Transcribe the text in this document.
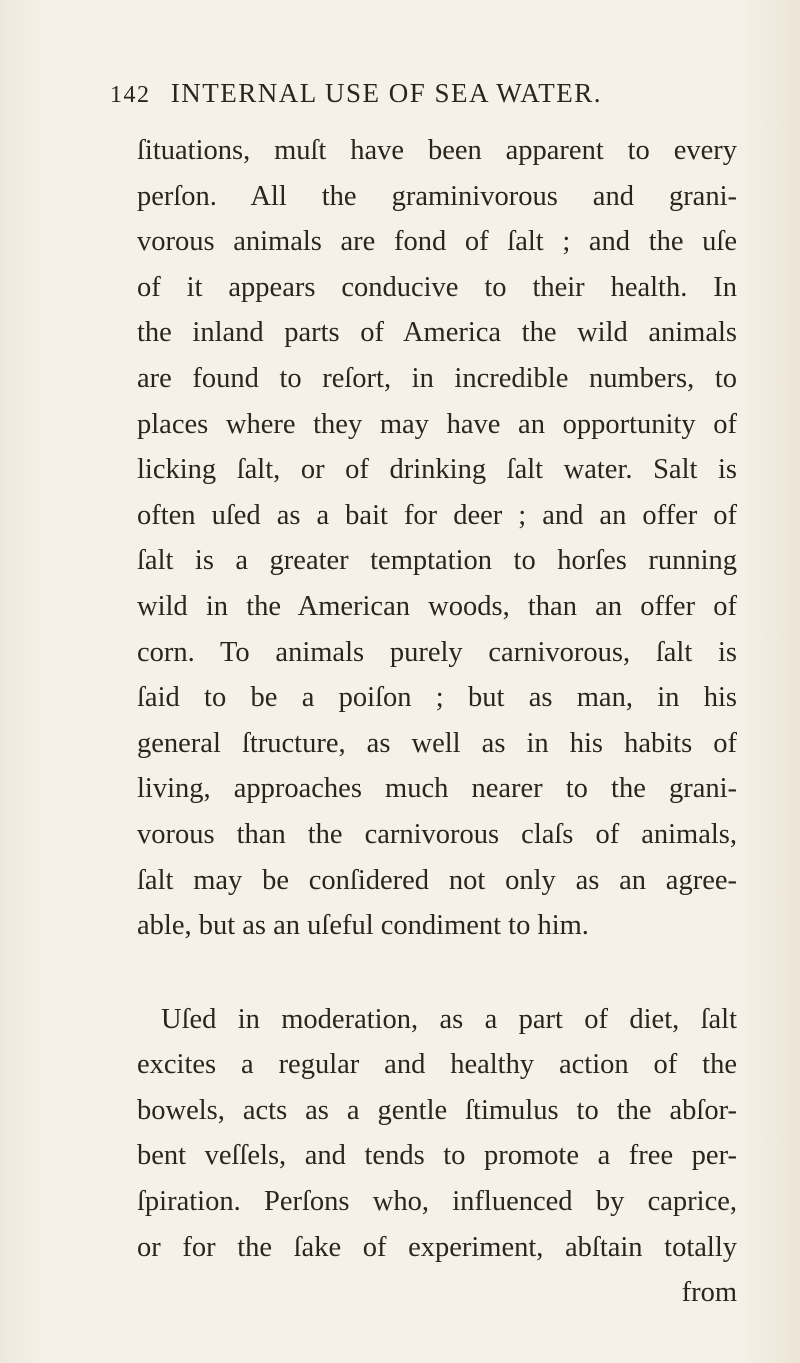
142 INTERNAL USE OF SEA WATER.
ſituations, muſt have been apparent to every
perſon. All the graminivorous and grani-
vorous animals are fond of ſalt ; and the uſe
of it appears conducive to their health. In
the inland parts of America the wild animals
are found to reſort, in incredible numbers, to
places where they may have an opportunity of
licking ſalt, or of drinking ſalt water. Salt is
often uſed as a bait for deer ; and an offer of
ſalt is a greater temptation to horſes running
wild in the American woods, than an offer of
corn. To animals purely carnivorous, ſalt is
ſaid to be a poiſon ; but as man, in his
general ſtructure, as well as in his habits of
living, approaches much nearer to the grani-
vorous than the carnivorous claſs of animals,
ſalt may be conſidered not only as an agree-
able, but as an uſeful condiment to him.
Uſed in moderation, as a part of diet, ſalt
excites a regular and healthy action of the
bowels, acts as a gentle ſtimulus to the abſor-
bent veſſels, and tends to promote a free per-
ſpiration. Perſons who, influenced by caprice,
or for the ſake of experiment, abſtain totally
from
